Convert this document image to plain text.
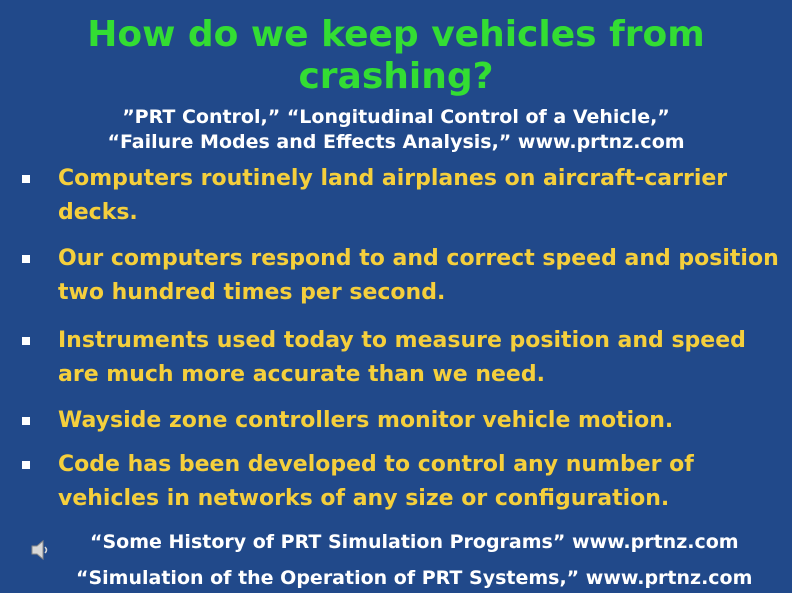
How do we keep vehicles from crashing?
”PRT Control,” “Longitudinal Control of a Vehicle,”
“Failure Modes and Effects Analysis,” www.prtnz.com
Computers routinely land airplanes on aircraft-carrier decks.
Our computers respond to and correct speed and position two hundred times per second.
Instruments used today to measure position and speed are much more accurate than we need.
Wayside zone controllers monitor vehicle motion.
Code has been developed to control any number of vehicles in networks of any size or configuration.
“Some History of PRT Simulation Programs” www.prtnz.com
“Simulation of the Operation of PRT Systems,” www.prtnz.com
